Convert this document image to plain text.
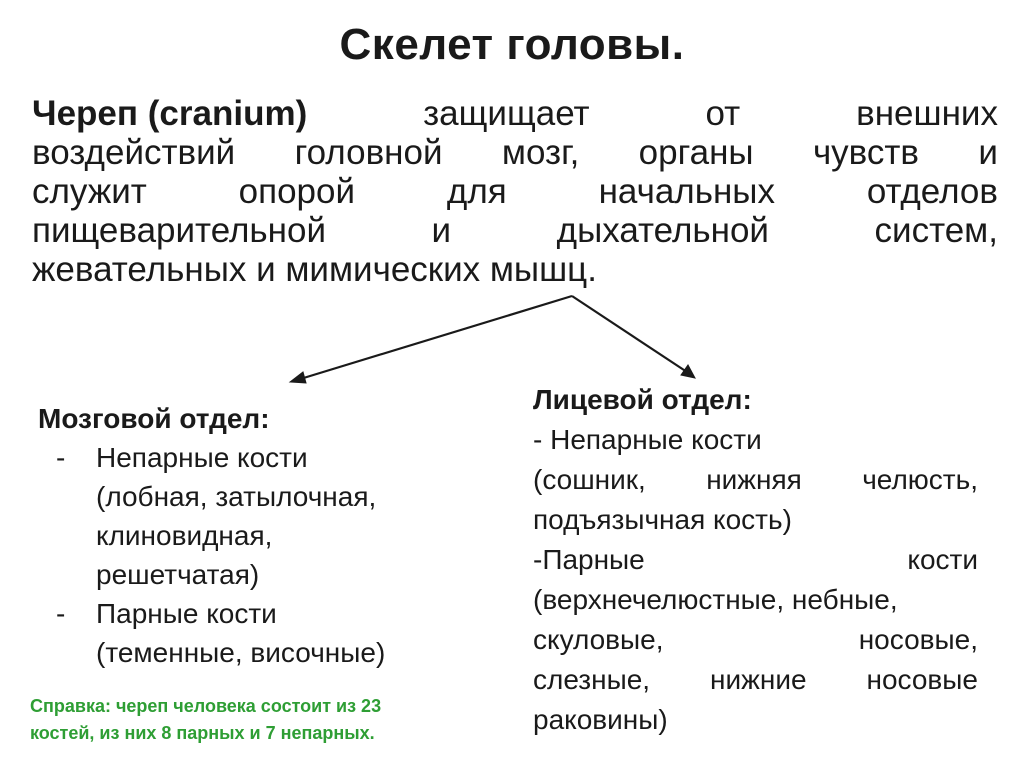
Скелет головы.
Череп (cranium)	защищает	от	внешних
воздействий головной мозг, органы чувств и
служит	опорой	для	начальных	отделов
пищеварительной	и	дыхательной	систем,
жевательных и мимических мышц.
Мозговой отдел:
-	Непарные кости
(лобная, затылочная,
клиновидная,
решетчатая)
-	Парные кости
(теменные, височные)
Справка: череп человека состоит из 23
костей, из них 8 парных и 7 непарных.
Лицевой отдел:
- Непарные кости
(сошник, нижняя челюсть,
подъязычная кость)
-Парные	кости
(верхнечелюстные, небные,
скуловые,	носовые,
слезные, нижние носовые
раковины)
